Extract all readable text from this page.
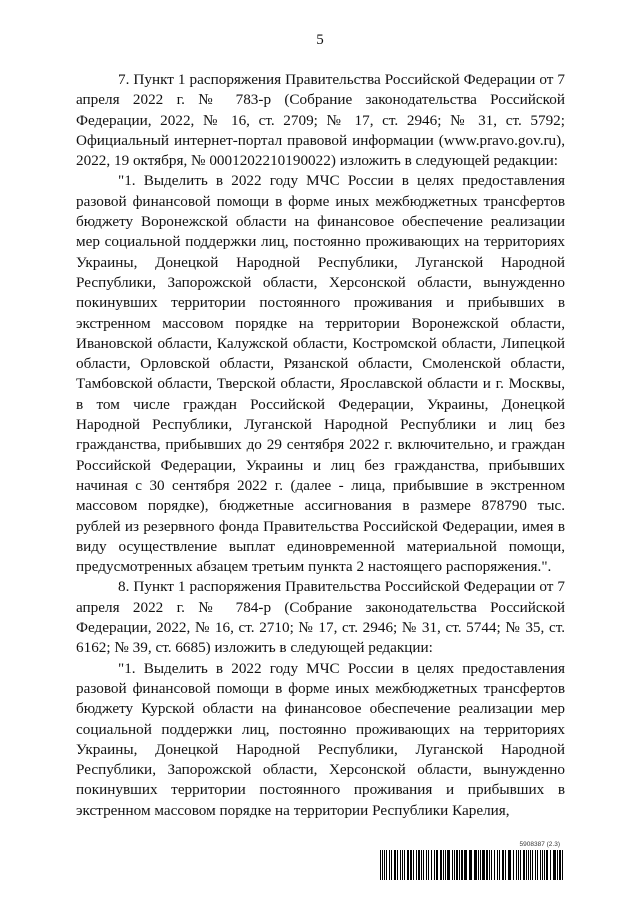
5

7. Пункт 1 распоряжения Правительства Российской Федерации от 7 апреля 2022 г. № 783-р (Собрание законодательства Российской Федерации, 2022, № 16, ст. 2709; № 17, ст. 2946; № 31, ст. 5792; Официальный интернет-портал правовой информации (www.pravo.gov.ru), 2022, 19 октября, № 0001202210190022) изложить в следующей редакции:

"1. Выделить в 2022 году МЧС России в целях предоставления разовой финансовой помощи в форме иных межбюджетных трансфертов бюджету Воронежской области на финансовое обеспечение реализации мер социальной поддержки лиц, постоянно проживающих на территориях Украины, Донецкой Народной Республики, Луганской Народной Республики, Запорожской области, Херсонской области, вынужденно покинувших территории постоянного проживания и прибывших в экстренном массовом порядке на территории Воронежской области, Ивановской области, Калужской области, Костромской области, Липецкой области, Орловской области, Рязанской области, Смоленской области, Тамбовской области, Тверской области, Ярославской области и г. Москвы, в том числе граждан Российской Федерации, Украины, Донецкой Народной Республики, Луганской Народной Республики и лиц без гражданства, прибывших до 29 сентября 2022 г. включительно, и граждан Российской Федерации, Украины и лиц без гражданства, прибывших начиная с 30 сентября 2022 г. (далее - лица, прибывшие в экстренном массовом порядке), бюджетные ассигнования в размере 878790 тыс. рублей из резервного фонда Правительства Российской Федерации, имея в виду осуществление выплат единовременной материальной помощи, предусмотренных абзацем третьим пункта 2 настоящего распоряжения.".

8. Пункт 1 распоряжения Правительства Российской Федерации от 7 апреля 2022 г. № 784-р (Собрание законодательства Российской Федерации, 2022, № 16, ст. 2710; № 17, ст. 2946; № 31, ст. 5744; № 35, ст. 6162; № 39, ст. 6685) изложить в следующей редакции:

"1. Выделить в 2022 году МЧС России в целях предоставления разовой финансовой помощи в форме иных межбюджетных трансфертов бюджету Курской области на финансовое обеспечение реализации мер социальной поддержки лиц, постоянно проживающих на территориях Украины, Донецкой Народной Республики, Луганской Народной Республики, Запорожской области, Херсонской области, вынужденно покинувших территории постоянного проживания и прибывших в экстренном массовом порядке на территории Республики Карелия,

5908387 (2.3)
